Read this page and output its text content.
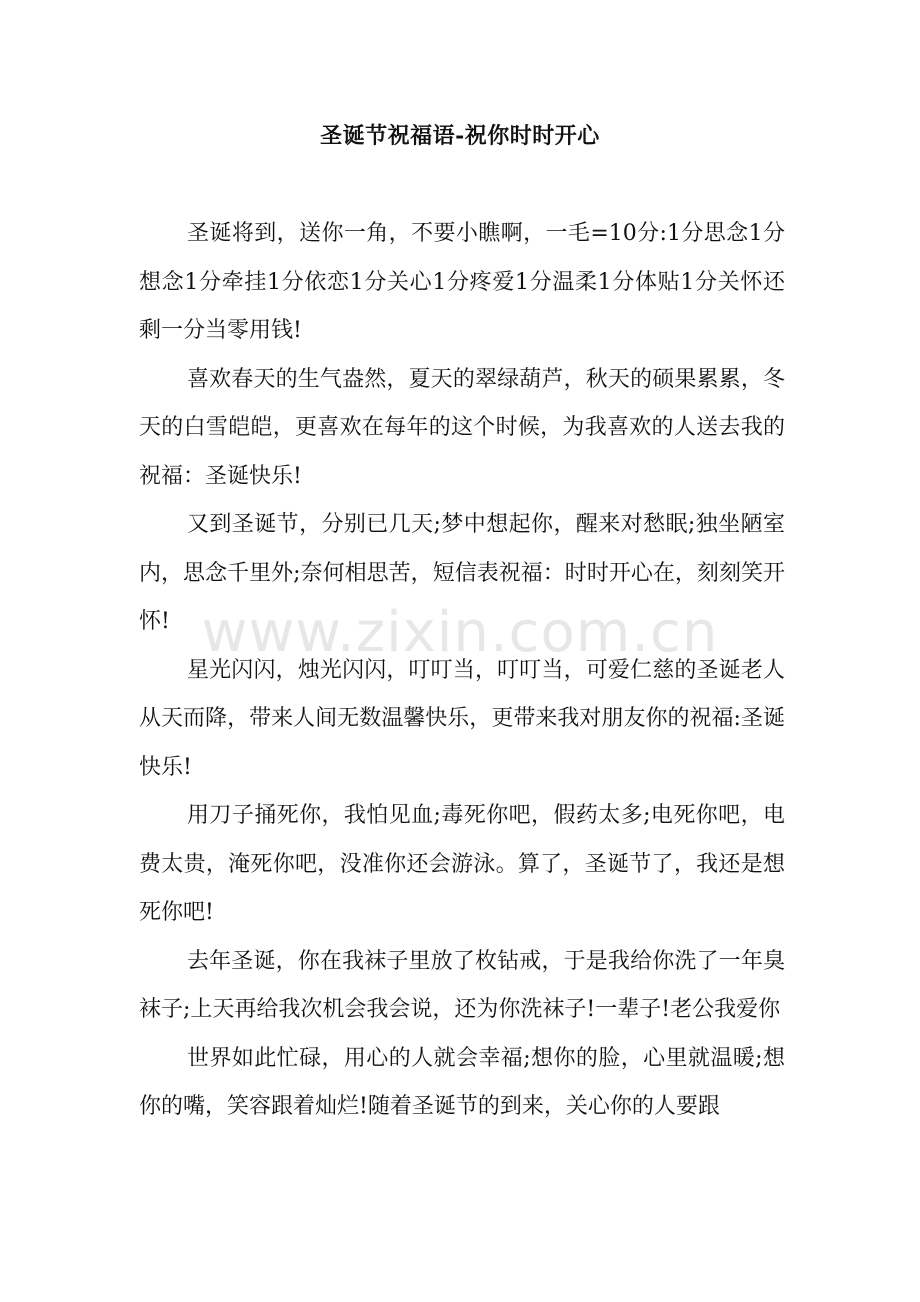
圣诞节祝福语-祝你时时开心

圣诞将到，送你一角，不要小瞧啊，一毛=10分:1分思念1分想念1分牵挂1分依恋1分关心1分疼爱1分温柔1分体贴1分关怀还剩一分当零用钱!

喜欢春天的生气盎然，夏天的翠绿葫芦，秋天的硕果累累，冬天的白雪皑皑，更喜欢在每年的这个时候，为我喜欢的人送去我的祝福：圣诞快乐!

又到圣诞节，分别已几天;梦中想起你，醒来对愁眠;独坐陋室内，思念千里外;奈何相思苦，短信表祝福：时时开心在，刻刻笑开怀!

星光闪闪，烛光闪闪，叮叮当，叮叮当，可爱仁慈的圣诞老人从天而降，带来人间无数温馨快乐，更带来我对朋友你的祝福:圣诞快乐!

用刀子捅死你，我怕见血;毒死你吧，假药太多;电死你吧，电费太贵，淹死你吧，没准你还会游泳。算了，圣诞节了，我还是想死你吧!

去年圣诞，你在我袜子里放了枚钻戒，于是我给你洗了一年臭袜子;上天再给我次机会我会说，还为你洗袜子!一辈子!老公我爱你

世界如此忙碌，用心的人就会幸福;想你的脸，心里就温暖;想你的嘴，笑容跟着灿烂!随着圣诞节的到来，关心你的人要跟

www.zixin.com.cn
